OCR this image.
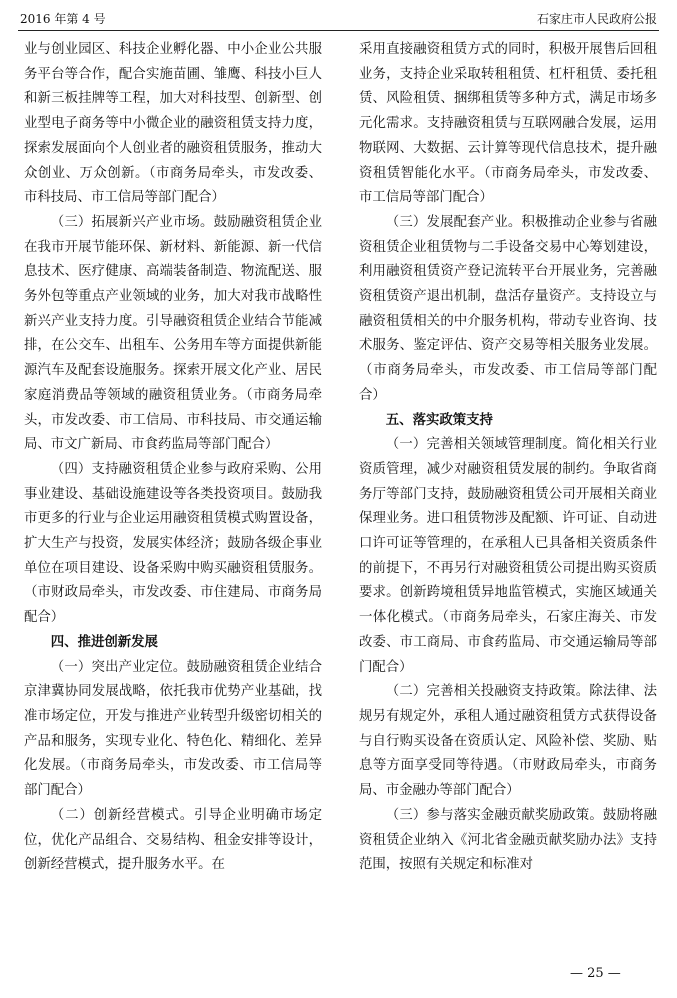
2016 年第 4 号	石家庄市人民政府公报

业与创业园区、科技企业孵化器、中小企业公共服务平台等合作，配合实施苗圃、雏鹰、科技小巨人和新三板挂牌等工程，加大对科技型、创新型、创业型电子商务等中小微企业的融资租赁支持力度，探索发展面向个人创业者的融资租赁服务，推动大众创业、万众创新。（市商务局牵头，市发改委、市科技局、市工信局等部门配合）

（三）拓展新兴产业市场。鼓励融资租赁企业在我市开展节能环保、新材料、新能源、新一代信息技术、医疗健康、高端装备制造、物流配送、服务外包等重点产业领域的业务，加大对我市战略性新兴产业支持力度。引导融资租赁企业结合节能减排，在公交车、出租车、公务用车等方面提供新能源汽车及配套设施服务。探索开展文化产业、居民家庭消费品等领域的融资租赁业务。（市商务局牵头，市发改委、市工信局、市科技局、市交通运输局、市文广新局、市食药监局等部门配合）

（四）支持融资租赁企业参与政府采购、公用事业建设、基础设施建设等各类投资项目。鼓励我市更多的行业与企业运用融资租赁模式购置设备，扩大生产与投资，发展实体经济；鼓励各级企事业单位在项目建设、设备采购中购买融资租赁服务。（市财政局牵头，市发改委、市住建局、市商务局配合）

四、推进创新发展

（一）突出产业定位。鼓励融资租赁企业结合京津冀协同发展战略，依托我市优势产业基础，找准市场定位，开发与推进产业转型升级密切相关的产品和服务，实现专业化、特色化、精细化、差异化发展。（市商务局牵头，市发改委、市工信局等部门配合）

（二）创新经营模式。引导企业明确市场定位，优化产品组合、交易结构、租金安排等设计，创新经营模式，提升服务水平。在

采用直接融资租赁方式的同时，积极开展售后回租业务，支持企业采取转租租赁、杠杆租赁、委托租赁、风险租赁、捆绑租赁等多种方式，满足市场多元化需求。支持融资租赁与互联网融合发展，运用物联网、大数据、云计算等现代信息技术，提升融资租赁智能化水平。（市商务局牵头，市发改委、市工信局等部门配合）

（三）发展配套产业。积极推动企业参与省融资租赁企业租赁物与二手设备交易中心筹划建设，利用融资租赁资产登记流转平台开展业务，完善融资租赁资产退出机制，盘活存量资产。支持设立与融资租赁相关的中介服务机构，带动专业咨询、技术服务、鉴定评估、资产交易等相关服务业发展。（市商务局牵头，市发改委、市工信局等部门配合）

五、落实政策支持

（一）完善相关领域管理制度。简化相关行业资质管理，减少对融资租赁发展的制约。争取省商务厅等部门支持，鼓励融资租赁公司开展相关商业保理业务。进口租赁物涉及配额、许可证、自动进口许可证等管理的，在承租人已具备相关资质条件的前提下，不再另行对融资租赁公司提出购买资质要求。创新跨境租赁异地监管模式，实施区域通关一体化模式。（市商务局牵头，石家庄海关、市发改委、市工商局、市食药监局、市交通运输局等部门配合）

（二）完善相关投融资支持政策。除法律、法规另有规定外，承租人通过融资租赁方式获得设备与自行购买设备在资质认定、风险补偿、奖励、贴息等方面享受同等待遇。（市财政局牵头，市商务局、市金融办等部门配合）

（三）参与落实金融贡献奖励政策。鼓励将融资租赁企业纳入《河北省金融贡献奖励办法》支持范围，按照有关规定和标准对

— 25 —
